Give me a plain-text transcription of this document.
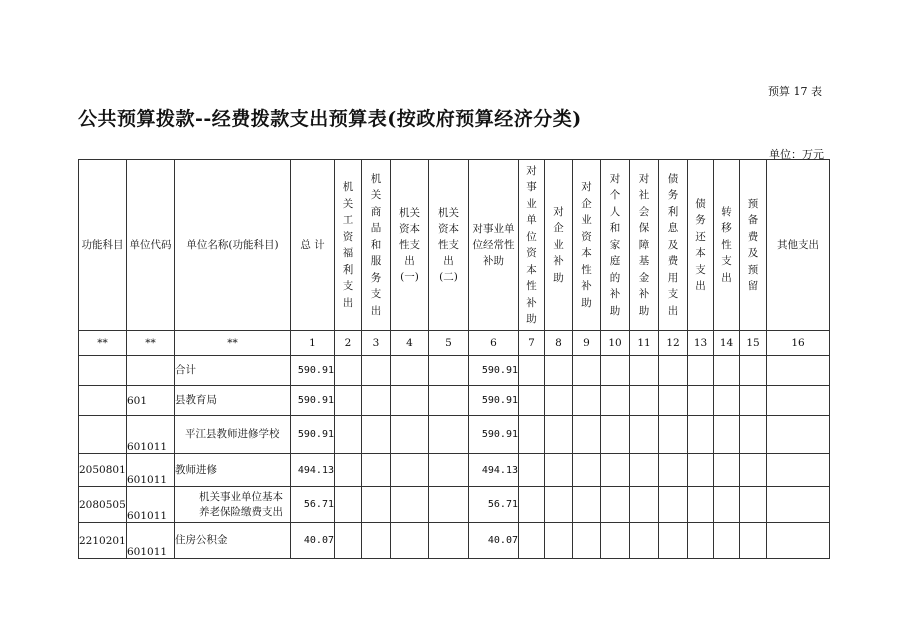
预算 17 表
公共预算拨款--经费拨款支出预算表(按政府预算经济分类)
单位：万元
功能科目	单位代码	单位名称(功能科目)	总 计	机关工资福利支出	机关商品和服务支出	机关资本性支出(一)	机关资本性支出(二)	对事业单位经常性补助	对事业单位资本性补助	对企业补助	对企业资本性补助	对个人和家庭的补助	对社会保障基金补助	债务利息及费用支出	债务还本支出	转移性支出	预备费及预留	其他支出

**	**	**	1	2	3	4	5	6	7	8	9	10	11	12	13	14	15	16
		合计	590.91					590.91										
	601	县教育局	590.91					590.91										
	601011	平江县教师进修学校	590.91					590.91										
2050801	601011	教师进修	494.13					494.13										
2080505	601011	机关事业单位基本养老保险缴费支出	56.71					56.71										
2210201	601011	住房公积金	40.07					40.07										
